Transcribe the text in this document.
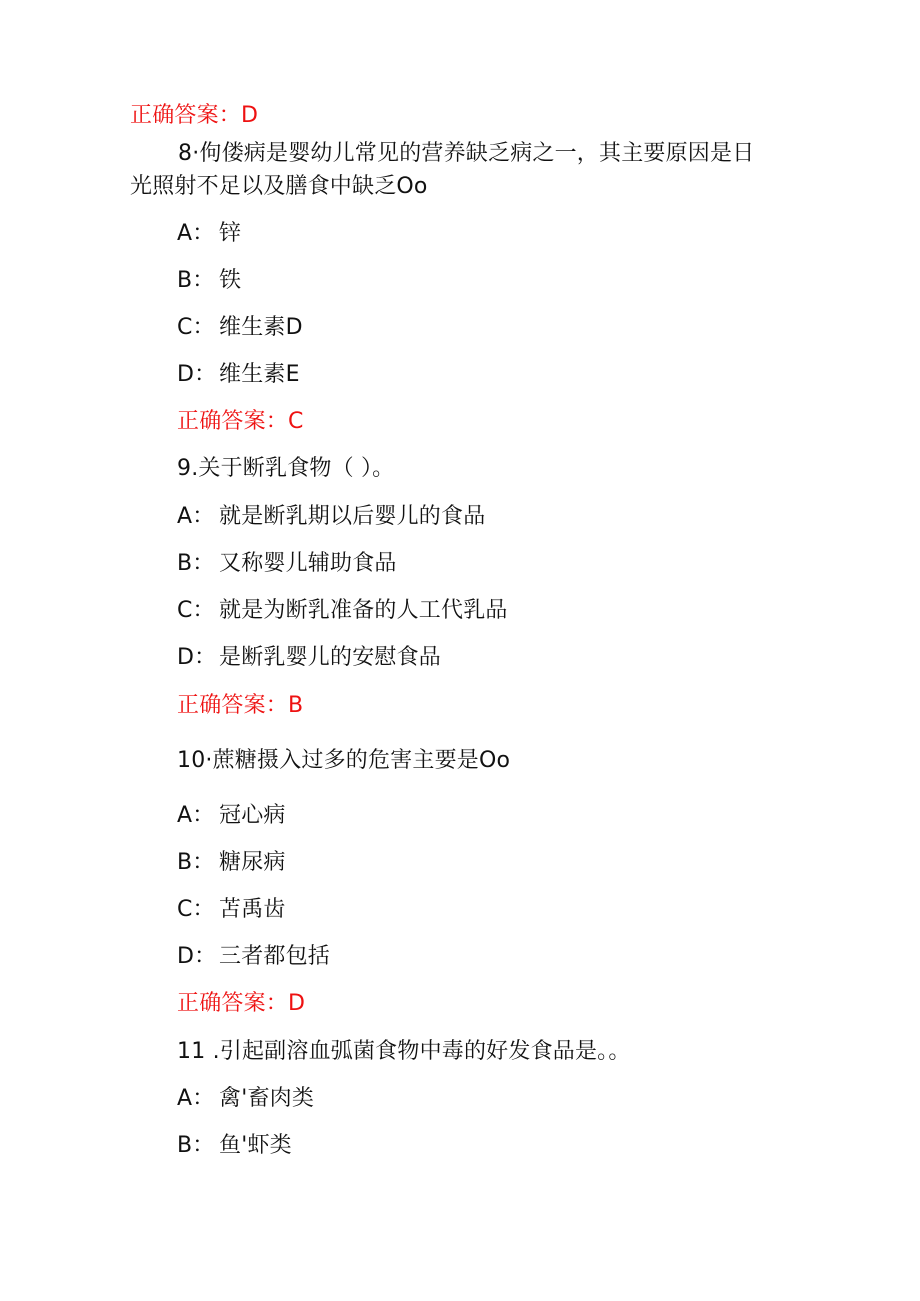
正确答案：D
8·佝偻病是婴幼儿常见的营养缺乏病之一，其主要原因是日
光照射不足以及膳食中缺乏Oo
A： 锌
B： 铁
C： 维生素D
D： 维生素E
正确答案：C
9.关于断乳食物（ ）。
A： 就是断乳期以后婴儿的食品
B： 又称婴儿辅助食品
C： 就是为断乳准备的人工代乳品
D： 是断乳婴儿的安慰食品
正确答案：B
10·蔗糖摄入过多的危害主要是Oo
A： 冠心病
B： 糖尿病
C： 苫禹齿
D： 三者都包括
正确答案：D
11 .引起副溶血弧菌食物中毒的好发食品是。。
A： 禽'畜肉类
B： 鱼'虾类
